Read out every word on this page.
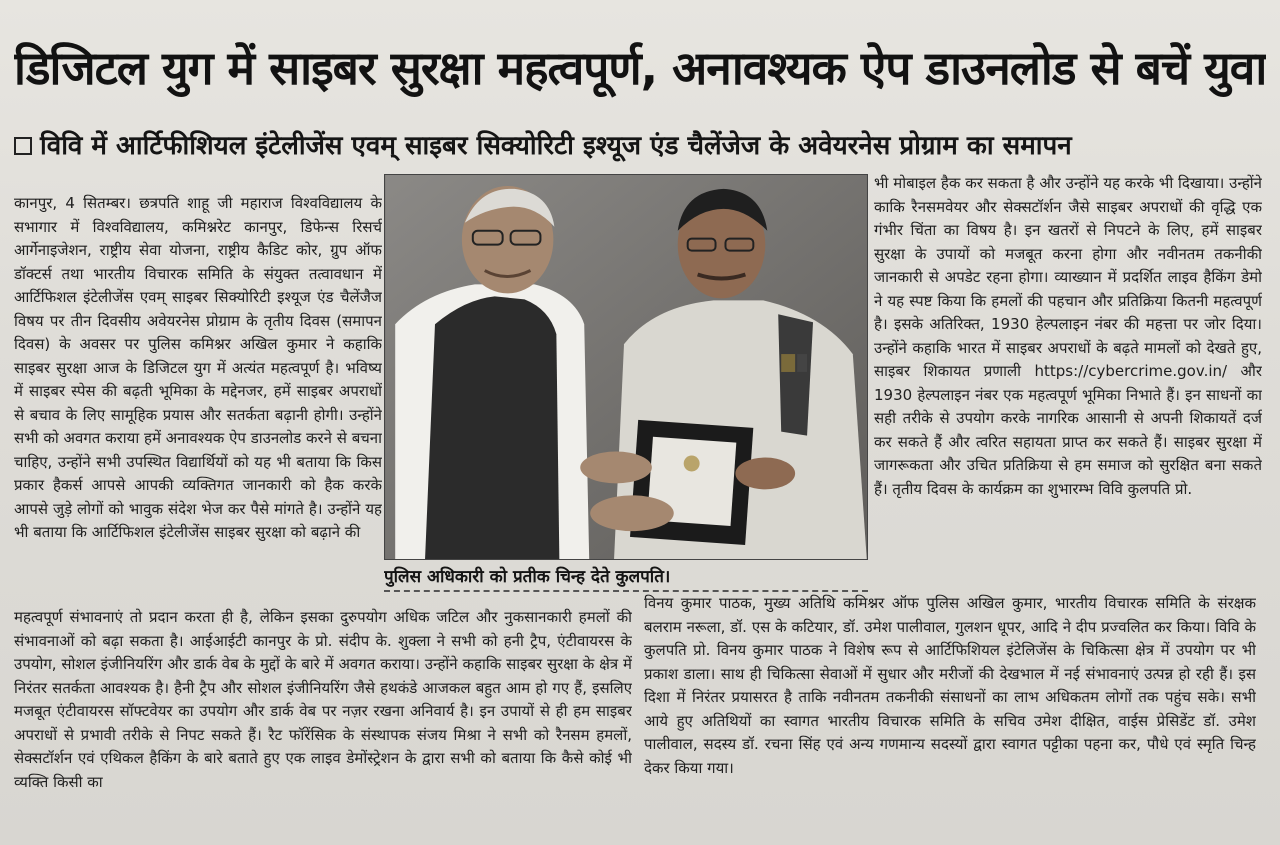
डिजिटल युग में साइबर सुरक्षा महत्वपूर्ण, अनावश्यक ऐप डाउनलोड से बचें युवा
विवि में आर्टिफीशियल इंटेलीजेंस एवम् साइबर सिक्योरिटी इश्यूज एंड चैलेंजेज के अवेयरनेस प्रोग्राम का समापन

कानपुर, 4 सितम्बर। छत्रपति शाहू जी महाराज विश्वविद्यालय के सभागार में विश्वविद्यालय, कमिश्नरेट कानपुर, डिफेन्स रिसर्च आर्गेनाइजेशन, राष्ट्रीय सेवा योजना, राष्ट्रीय कैडिट कोर, ग्रुप ऑफ डॉक्टर्स तथा भारतीय विचारक समिति के संयुक्त तत्वावधान में आर्टिफिशल इंटेलीजेंस एवम् साइबर सिक्योरिटी इश्यूज एंड चैलेंजैज विषय पर तीन दिवसीय अवेयरनेस प्रोग्राम के तृतीय दिवस (समापन दिवस) के अवसर पर पुलिस कमिश्नर अखिल कुमार ने कहाकि साइबर सुरक्षा आज के डिजिटल युग में अत्यंत महत्वपूर्ण है। भविष्य में साइबर स्पेस की बढ़ती भूमिका के मद्देनजर, हमें साइबर अपराधों से बचाव के लिए सामूहिक प्रयास और सतर्कता बढ़ानी होगी। उन्होंने सभी को अवगत कराया हमें अनावश्यक ऐप डाउनलोड करने से बचना चाहिए, उन्होंने सभी उपस्थित विद्यार्थियों को यह भी बताया कि किस प्रकार हैकर्स आपसे आपकी व्यक्तिगत जानकारी को हैक करके आपसे जुड़े लोगों को भावुक संदेश भेज कर पैसे मांगते है। उन्होंने यह भी बताया कि आर्टिफिशल इंटेलीजेंस साइबर सुरक्षा को बढ़ाने की

पुलिस अधिकारी को प्रतीक चिन्ह देते कुलपति।

भी मोबाइल हैक कर सकता है और उन्होंने यह करके भी दिखाया। उन्होंने काकि रैनसमवेयर और सेक्सटॉर्शन जैसे साइबर अपराधों की वृद्धि एक गंभीर चिंता का विषय है। इन खतरों से निपटने के लिए, हमें साइबर सुरक्षा के उपायों को मजबूत करना होगा और नवीनतम तकनीकी जानकारी से अपडेट रहना होगा। व्याख्यान में प्रदर्शित लाइव हैकिंग डेमो ने यह स्पष्ट किया कि हमलों की पहचान और प्रतिक्रिया कितनी महत्वपूर्ण है। इसके अतिरिक्त, 1930 हेल्पलाइन नंबर की महत्ता पर जोर दिया। उन्होंने कहाकि भारत में साइबर अपराधों के बढ़ते मामलों को देखते हुए, साइबर शिकायत प्रणाली https://cybercrime.gov.in/ और 1930 हेल्पलाइन नंबर एक महत्वपूर्ण भूमिका निभाते हैं। इन साधनों का सही तरीके से उपयोग करके नागरिक आसानी से अपनी शिकायतें दर्ज कर सकते हैं और त्वरित सहायता प्राप्त कर सकते हैं। साइबर सुरक्षा में जागरूकता और उचित प्रतिक्रिया से हम समाज को सुरक्षित बना सकते हैं। तृतीय दिवस के कार्यक्रम का शुभारम्भ विवि कुलपति प्रो.

महत्वपूर्ण संभावनाएं तो प्रदान करता ही है, लेकिन इसका दुरुपयोग अधिक जटिल और नुकसानकारी हमलों की संभावनाओं को बढ़ा सकता है। आईआईटी कानपुर के प्रो. संदीप के. शुक्ला ने सभी को हनी ट्रैप, एंटीवायरस के उपयोग, सोशल इंजीनियरिंग और डार्क वेब के मुद्दों के बारे में अवगत कराया। उन्होंने कहाकि साइबर सुरक्षा के क्षेत्र में निरंतर सतर्कता आवश्यक है। हैनी ट्रैप और सोशल इंजीनियरिंग जैसे हथकंडे आजकल बहुत आम हो गए हैं, इसलिए मजबूत एंटीवायरस सॉफ्टवेयर का उपयोग और डार्क वेब पर नज़र रखना अनिवार्य है। इन उपायों से ही हम साइबर अपराधों से प्रभावी तरीके से निपट सकते हैं। रैट फॉरेंसिक के संस्थापक संजय मिश्रा ने सभी को रैनसम हमलों, सेक्सटॉर्शन एवं एथिकल हैकिंग के बारे बताते हुए एक लाइव डेमोंस्ट्रेशन के द्वारा सभी को बताया कि कैसे कोई भी व्यक्ति किसी का

विनय कुमार पाठक, मुख्य अतिथि कमिश्नर ऑफ पुलिस अखिल कुमार, भारतीय विचारक समिति के संरक्षक बलराम नरूला, डॉ. एस के कटियार, डॉ. उमेश पालीवाल, गुलशन धूपर, आदि ने दीप प्रज्वलित कर किया। विवि के कुलपति प्रो. विनय कुमार पाठक ने विशेष रूप से आर्टिफिशियल इंटेलिजेंस के चिकित्सा क्षेत्र में उपयोग पर भी प्रकाश डाला। साथ ही चिकित्सा सेवाओं में सुधार और मरीजों की देखभाल में नई संभावनाएं उत्पन्न हो रही हैं। इस दिशा में निरंतर प्रयासरत है ताकि नवीनतम तकनीकी संसाधनों का लाभ अधिकतम लोगों तक पहुंच सके। सभी आये हुए अतिथियों का स्वागत भारतीय विचारक समिति के सचिव उमेश दीक्षित, वाईस प्रेसिडेंट डॉ. उमेश पालीवाल, सदस्य डॉ. रचना सिंह एवं अन्य गणमान्य सदस्यों द्वारा स्वागत पट्टीका पहना कर, पौधे एवं स्मृति चिन्ह देकर किया गया।
